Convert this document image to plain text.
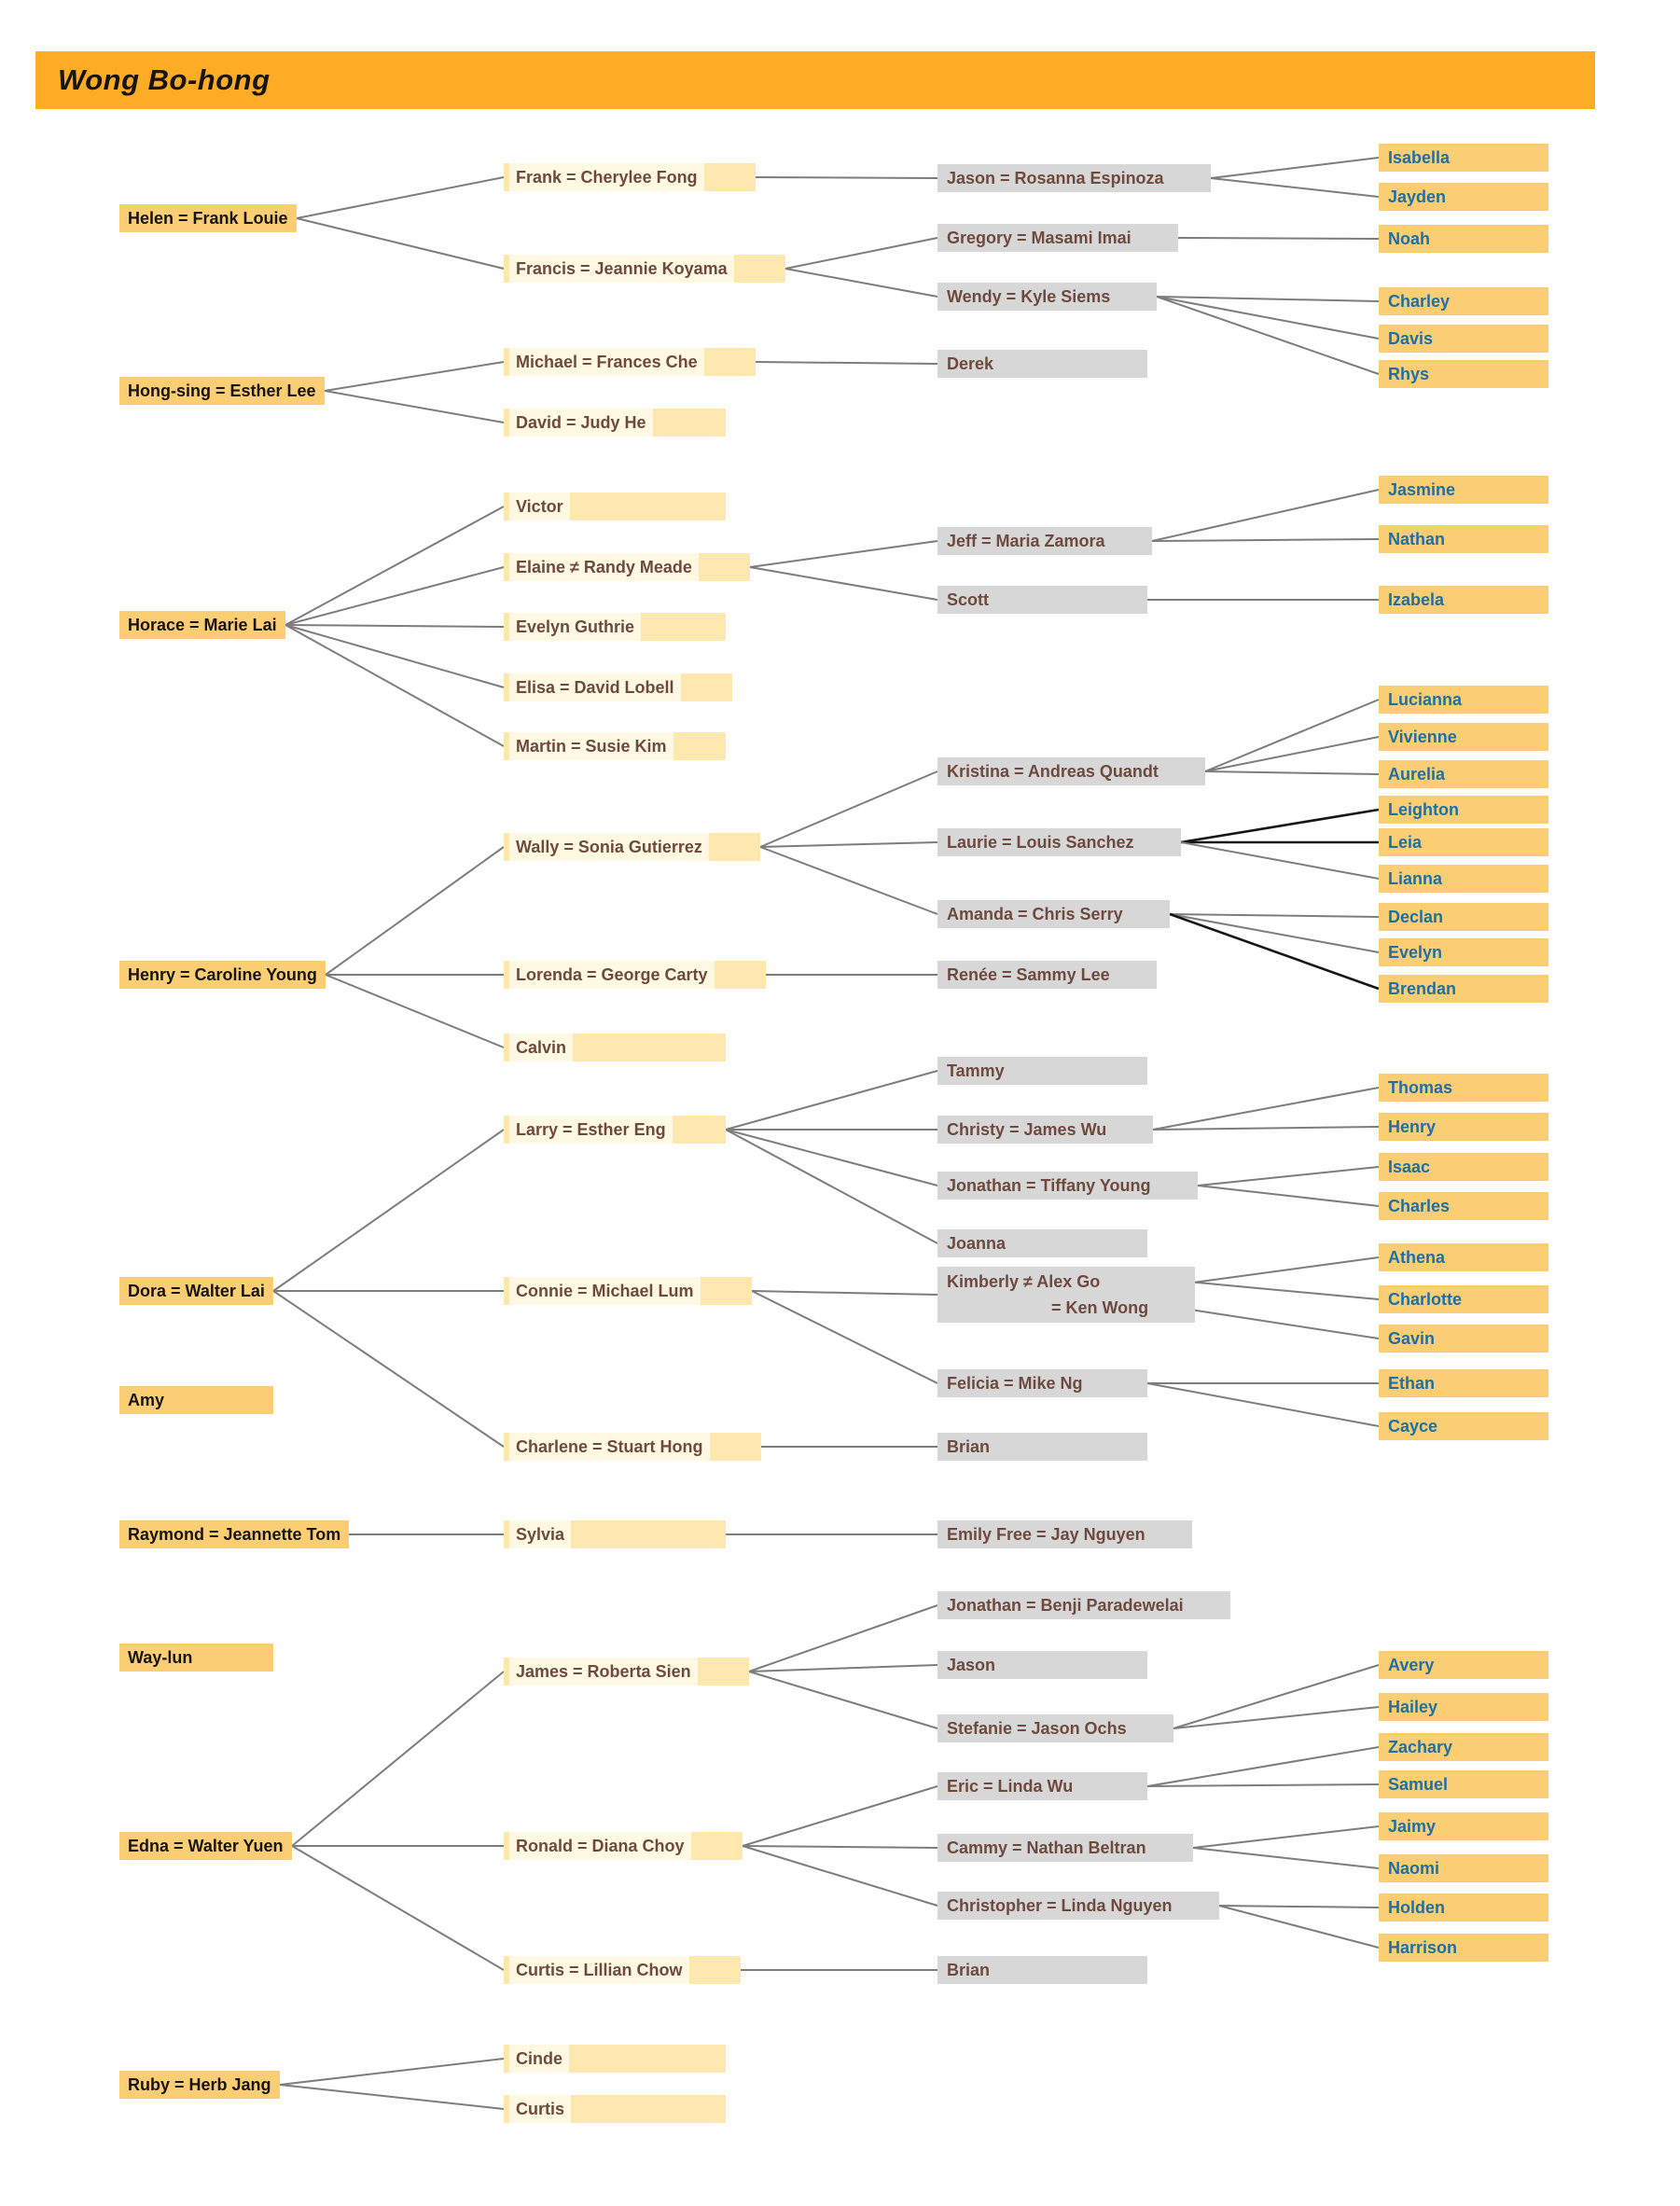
Wong Bo-hong
Helen = Frank Louie
Hong-sing = Esther Lee
Horace = Marie Lai
Henry = Caroline Young
Dora = Walter Lai
Amy
Raymond = Jeannette Tom
Way-lun
Edna = Walter Yuen
Ruby = Herb Jang
Frank = Cherylee Fong
Francis = Jeannie Koyama
Michael = Frances Che
David = Judy He
Victor
Elaine ≠ Randy Meade
Evelyn Guthrie
Elisa = David Lobell
Martin = Susie Kim
Wally = Sonia Gutierrez
Lorenda = George Carty
Calvin
Larry = Esther Eng
Connie = Michael Lum
Charlene = Stuart Hong
Sylvia
James = Roberta Sien
Ronald = Diana Choy
Curtis = Lillian Chow
Cinde
Curtis
Jason = Rosanna Espinoza
Gregory = Masami Imai
Wendy = Kyle Siems
Derek
Jeff = Maria Zamora
Scott
Kristina = Andreas Quandt
Laurie = Louis Sanchez
Amanda = Chris Serry
Renée = Sammy Lee
Tammy
Christy = James Wu
Jonathan = Tiffany Young
Joanna
Kimberly ≠ Alex Go
= Ken Wong
Felicia = Mike Ng
Brian
Emily Free = Jay Nguyen
Jonathan = Benji Paradewelai
Jason
Stefanie = Jason Ochs
Eric = Linda Wu
Cammy = Nathan Beltran
Christopher = Linda Nguyen
Brian
Isabella
Jayden
Noah
Charley
Davis
Rhys
Jasmine
Nathan
Izabela
Lucianna
Vivienne
Aurelia
Leighton
Leia
Lianna
Declan
Evelyn
Brendan
Thomas
Henry
Isaac
Charles
Athena
Charlotte
Gavin
Ethan
Cayce
Avery
Hailey
Zachary
Samuel
Jaimy
Naomi
Holden
Harrison
